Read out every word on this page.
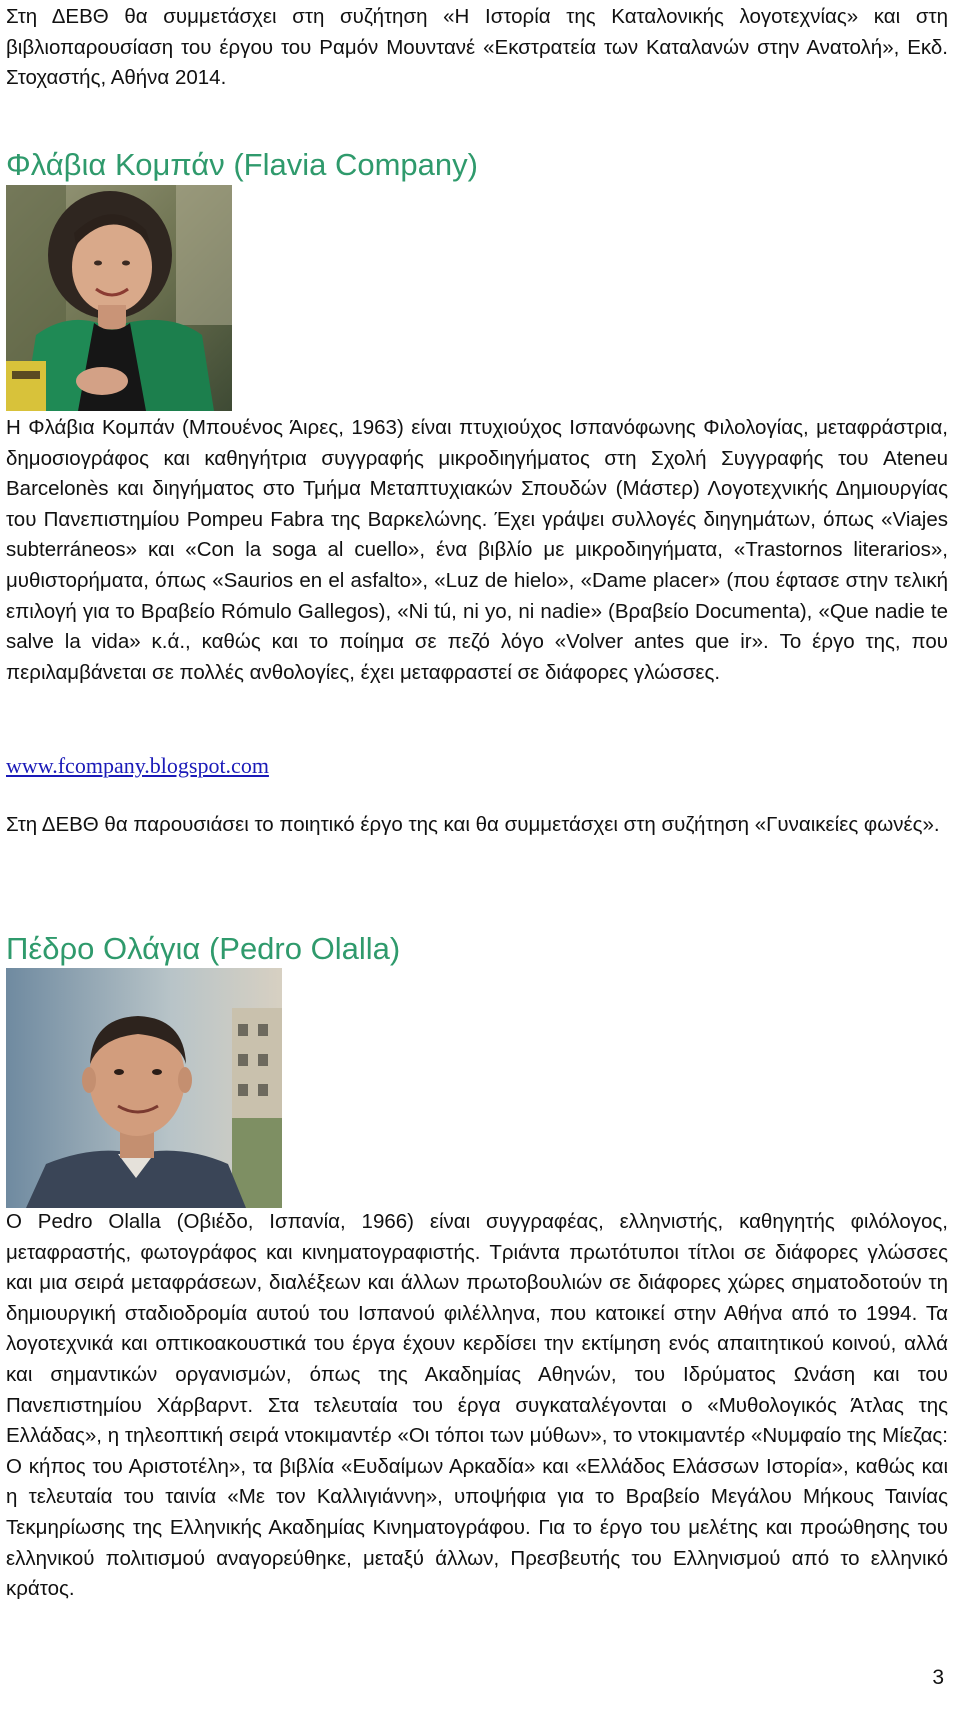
Στη ΔΕΒΘ θα συμμετάσχει στη συζήτηση «Η Ιστορία της Καταλονικής λογοτεχνίας» και στη βιβλιοπαρουσίαση του έργου του Ραμόν Μουντανέ «Εκστρατεία των Καταλανών στην Ανατολή», Εκδ. Στοχαστής, Αθήνα 2014.

Φλάβια Κομπάν (Flavia Company)

Η Φλάβια Κομπάν (Μπουένος Άιρες, 1963) είναι πτυχιούχος Ισπανόφωνης Φιλολογίας, μεταφράστρια, δημοσιογράφος και καθηγήτρια συγγραφής μικροδιηγήματος στη Σχολή Συγγραφής του Ateneu Barcelonès και διηγήματος στο Τμήμα Μεταπτυχιακών Σπουδών (Μάστερ) Λογοτεχνικής Δημιουργίας του Πανεπιστημίου Pompeu Fabra της Βαρκελώνης. Έχει γράψει συλλογές διηγημάτων, όπως «Viajes subterráneos» και «Con la soga al cuello», ένα βιβλίο με μικροδιηγήματα, «Trastornos literarios», μυθιστορήματα, όπως «Saurios en el asfalto», «Luz de hielo», «Dame placer» (που έφτασε στην τελική επιλογή για το Βραβείο Rómulo Gallegos), «Ni tú, ni yo, ni nadie» (Βραβείο Documenta), «Que nadie te salve la vida» κ.ά., καθώς και το ποίημα σε πεζό λόγο «Volver antes que ir». Το έργο της, που περιλαμβάνεται σε πολλές ανθολογίες, έχει μεταφραστεί σε διάφορες γλώσσες.

www.fcompany.blogspot.com

Στη ΔΕΒΘ θα παρουσιάσει το ποιητικό έργο της και θα συμμετάσχει στη συζήτηση «Γυναικείες φωνές».

Πέδρο Ολάγια (Pedro Olalla)

Ο Pedro Olalla (Οβιέδο, Ισπανία, 1966) είναι συγγραφέας, ελληνιστής, καθηγητής φιλόλογος, μεταφραστής, φωτογράφος και κινηματογραφιστής. Τριάντα πρωτότυποι τίτλοι σε διάφορες γλώσσες και μια σειρά μεταφράσεων, διαλέξεων και άλλων πρωτοβουλιών σε διάφορες χώρες σηματοδοτούν τη δημιουργική σταδιοδρομία αυτού του Ισπανού φιλέλληνα, που κατοικεί στην Αθήνα από το 1994. Τα λογοτεχνικά και οπτικοακουστικά του έργα έχουν κερδίσει την εκτίμηση ενός απαιτητικού κοινού, αλλά και σημαντικών οργανισμών, όπως της Ακαδημίας Αθηνών, του Ιδρύματος Ωνάση και του Πανεπιστημίου Χάρβαρντ. Στα τελευταία του έργα συγκαταλέγονται ο «Μυθολογικός Άτλας της Ελλάδας», η τηλεοπτική σειρά ντοκιμαντέρ «Οι τόποι των μύθων», το ντοκιμαντέρ «Νυμφαίο της Μίεζας: Ο κήπος του Αριστοτέλη», τα βιβλία «Ευδαίμων Αρκαδία» και «Ελλάδος Ελάσσων Ιστορία», καθώς και η τελευταία του ταινία «Με τον Καλλιγιάννη», υποψήφια για το Βραβείο Μεγάλου Μήκους Ταινίας Τεκμηρίωσης της Ελληνικής Ακαδημίας Κινηματογράφου. Για το έργο του μελέτης και προώθησης του ελληνικού πολιτισμού αναγορεύθηκε, μεταξύ άλλων, Πρεσβευτής του Ελληνισμού από το ελληνικό κράτος.

3
